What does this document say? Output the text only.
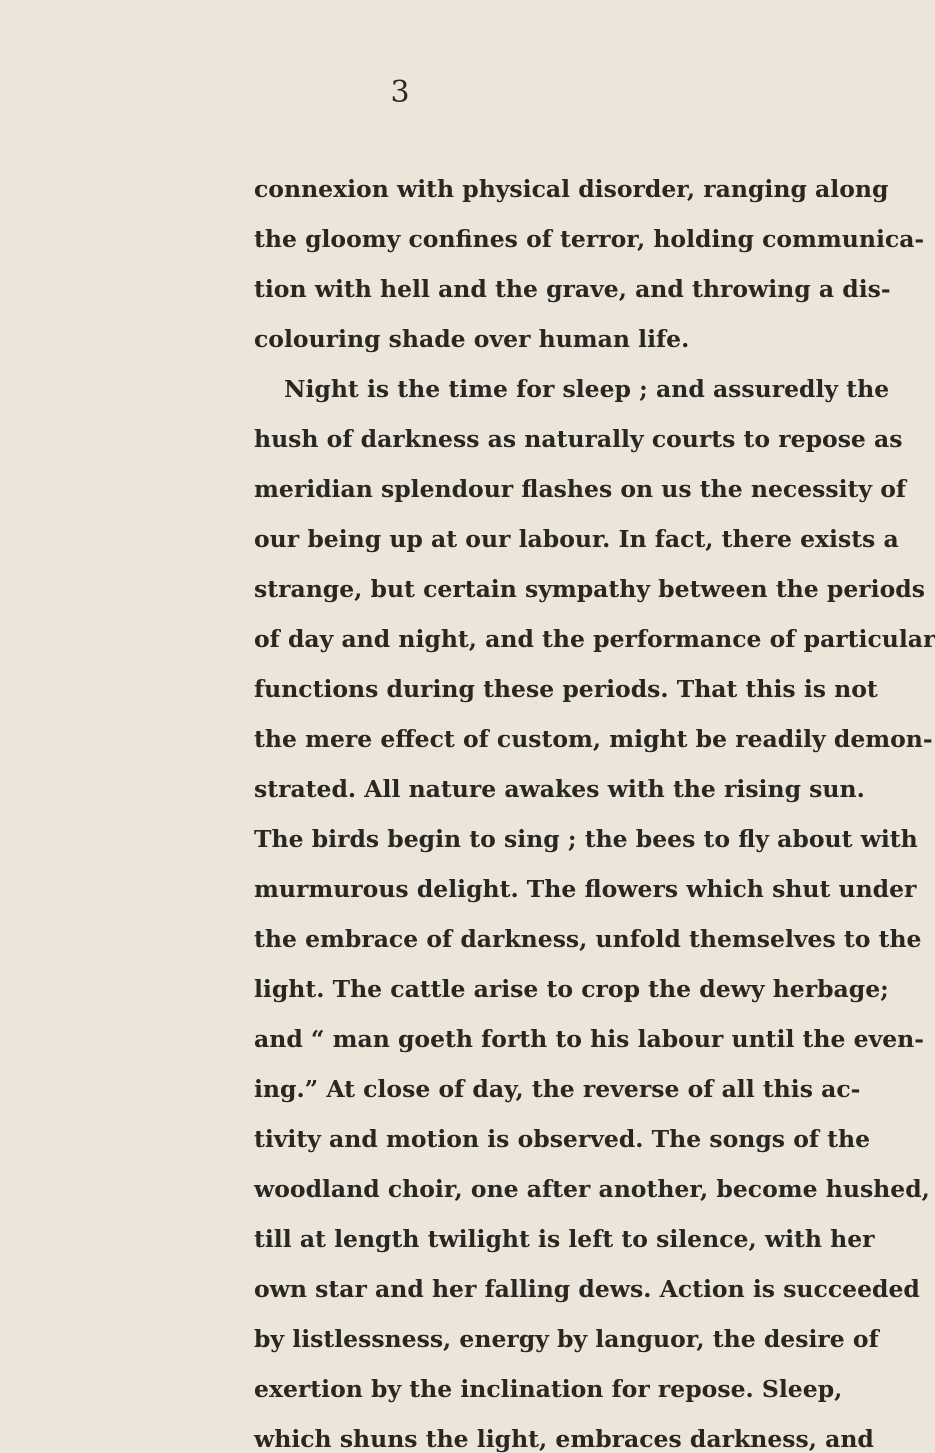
3
connexion with physical disorder, ranging along
the gloomy confines of terror, holding communica-
tion with hell and the grave, and throwing a dis-
colouring shade over human life.
Night is the time for sleep ; and assuredly the
hush of darkness as naturally courts to repose as
meridian splendour flashes on us the necessity of
our being up at our labour. In fact, there exists a
strange, but certain sympathy between the periods
of day and night, and the performance of particular
functions during these periods. That this is not
the mere effect of custom, might be readily demon-
strated. All nature awakes with the rising sun.
The birds begin to sing ; the bees to fly about with
murmurous delight. The flowers which shut under
the embrace of darkness, unfold themselves to the
light. The cattle arise to crop the dewy herbage;
and “ man goeth forth to his labour until the even-
ing.” At close of day, the reverse of all this ac-
tivity and motion is observed. The songs of the
woodland choir, one after another, become hushed,
till at length twilight is left to silence, with her
own star and her falling dews. Action is succeeded
by listlessness, energy by languor, the desire of
exertion by the inclination for repose. Sleep,
which shuns the light, embraces darkness, and
